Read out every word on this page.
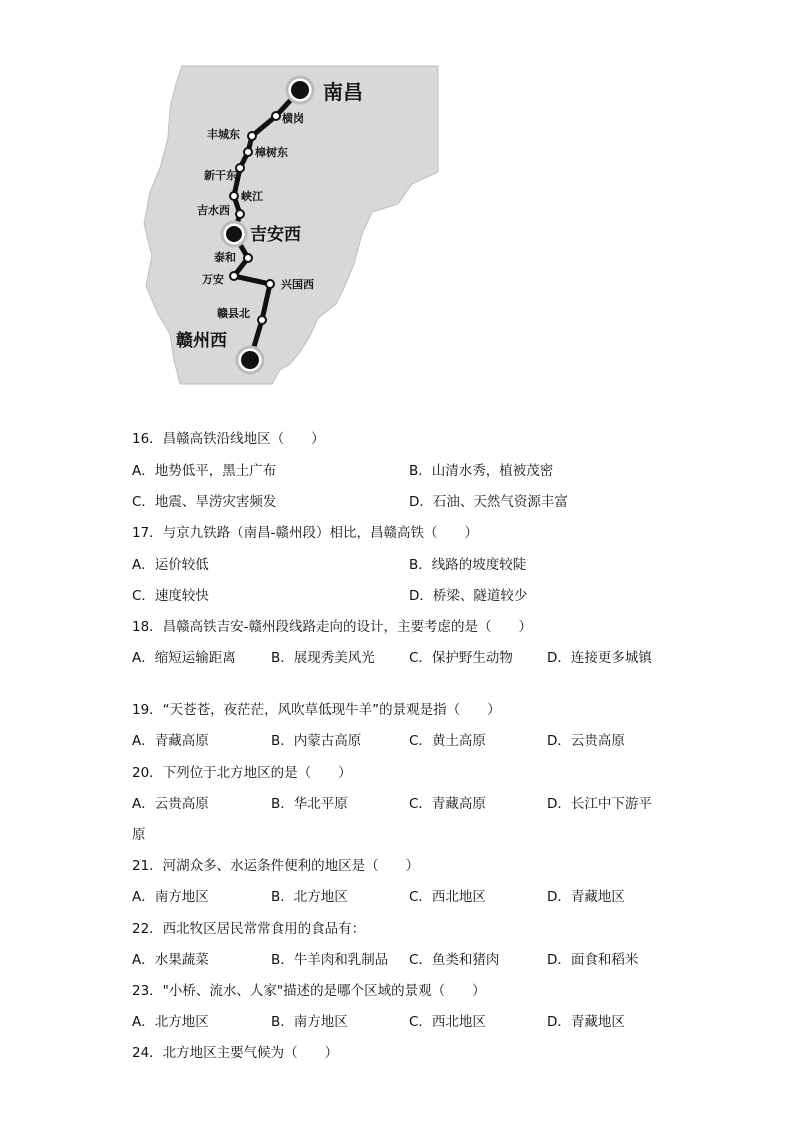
南昌
横岗
丰城东
樟树东
新干东
峡江
吉水西
吉安西
泰和
万安	兴国西
赣县北
赣州西
16．昌赣高铁沿线地区（　　）
A．地势低平，黑土广布	B．山清水秀，植被茂密
C．地震、旱涝灾害频发	D．石油、天然气资源丰富
17．与京九铁路（南昌-赣州段）相比，昌赣高铁（　　）
A．运价较低	B．线路的坡度较陡
C．速度较快	D．桥梁、隧道较少
18．昌赣高铁吉安-赣州段线路走向的设计，主要考虑的是（　　）
A．缩短运输距离	B．展现秀美风光	C．保护野生动物	D．连接更多城镇
19．“天苍苍，夜茫茫，风吹草低现牛羊”的景观是指（　　）
A．青藏高原	B．内蒙古高原	C．黄土高原	D．云贵高原
20．下列位于北方地区的是（　　）
A．云贵高原	B．华北平原	C．青藏高原	D．长江中下游平
原
21．河湖众多、水运条件便利的地区是（　　）
A．南方地区	B．北方地区	C．西北地区	D．青藏地区
22．西北牧区居民常常食用的食品有：
A．水果蔬菜	B．牛羊肉和乳制品 C．鱼类和猪肉	D．面食和稻米
23．"小桥、流水、人家"描述的是哪个区域的景观（　　）
A．北方地区	B．南方地区	C．西北地区	D．青藏地区
24．北方地区主要气候为（　　）
